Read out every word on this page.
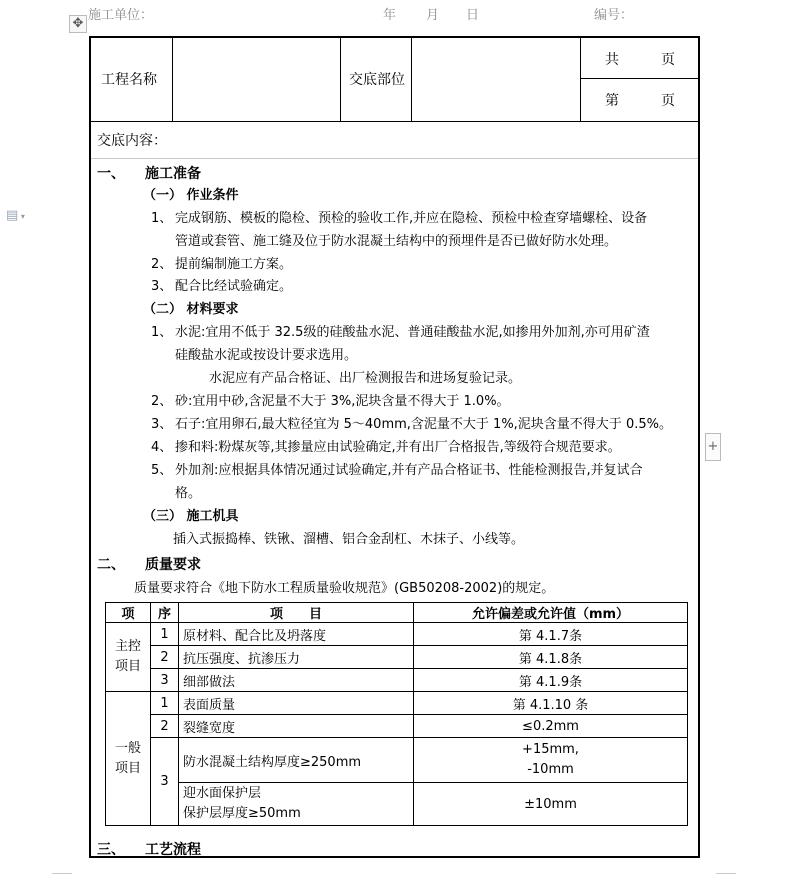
施工单位：	年 月 日	编号：
✥
▤ ▾
+
工程名称	交底部位
共	页
第	页
交底内容：
一、 施工准备
（一） 作业条件
1、 完成钢筋、模板的隐检、预检的验收工作,并应在隐检、预检中检查穿墙螺栓、设备
管道或套管、施工缝及位于防水混凝土结构中的预埋件是否已做好防水处理。
2、 提前编制施工方案。
3、 配合比经试验确定。
（二） 材料要求
1、 水泥:宜用不低于 32.5级的硅酸盐水泥、普通硅酸盐水泥,如掺用外加剂,亦可用矿渣
硅酸盐水泥或按设计要求选用。
水泥应有产品合格证、出厂检测报告和进场复验记录。
2、 砂:宜用中砂,含泥量不大于 3%,泥块含量不得大于 1.0%。
3、 石子:宜用卵石,最大粒径宜为 5～40mm,含泥量不大于 1%,泥块含量不得大于 0.5%。
4、 掺和料:粉煤灰等,其掺量应由试验确定,并有出厂合格报告,等级符合规范要求。
5、 外加剂:应根据具体情况通过试验确定,并有产品合格证书、性能检测报告,并复试合
格。
（三） 施工机具
插入式振捣棒、铁锹、溜槽、铝合金刮杠、木抹子、小线等。
二、 质量要求
质量要求符合《地下防水工程质量验收规范》(GB50208-2002)的规定。
项	序	项　　目	允许偏差或允许值（mm）
主控项目	1	原材料、配合比及坍落度	第 4.1.7条
	2	抗压强度、抗渗压力	第 4.1.8条
	3	细部做法	第 4.1.9条
一般项目	1	表面质量	第 4.1.10 条
	2	裂缝宽度	≤0.2mm
	3	防水混凝土结构厚度≥250mm	+15mm,
-10mm

		迎水面保护层
保护层厚度≥50mm	±10mm
三、 工艺流程
